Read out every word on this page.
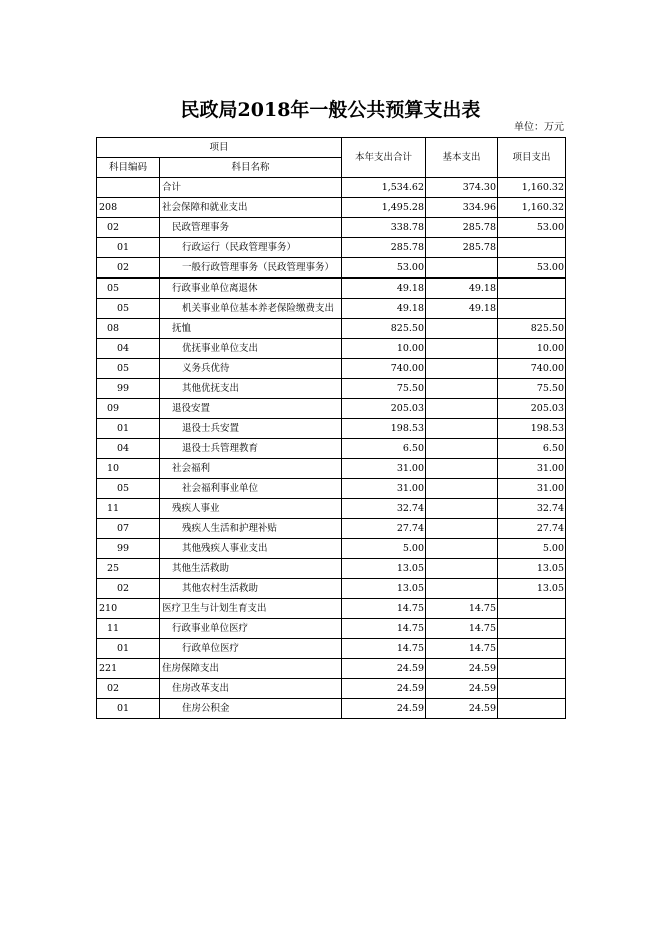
民政局2018年一般公共预算支出表
单位：万元
项目		本年支出合计	基本支出	项目支出
科目编码	科目名称			
	合计	1,534.62	374.30	1,160.32
208	社会保障和就业支出	1,495.28	334.96	1,160.32
02	民政管理事务	338.78	285.78	53.00
01	行政运行（民政管理事务）	285.78	285.78	
02	一般行政管理事务（民政管理事务）	53.00		53.00
05	行政事业单位离退休	49.18	49.18	
05	机关事业单位基本养老保险缴费支出	49.18	49.18	
08	抚恤	825.50		825.50
04	优抚事业单位支出	10.00		10.00
05	义务兵优待	740.00		740.00
99	其他优抚支出	75.50		75.50
09	退役安置	205.03		205.03
01	退役士兵安置	198.53		198.53
04	退役士兵管理教育	6.50		6.50
10	社会福利	31.00		31.00
05	社会福利事业单位	31.00		31.00
11	残疾人事业	32.74		32.74
07	残疾人生活和护理补贴	27.74		27.74
99	其他残疾人事业支出	5.00		5.00
25	其他生活救助	13.05		13.05
02	其他农村生活救助	13.05		13.05
210	医疗卫生与计划生育支出	14.75	14.75	
11	行政事业单位医疗	14.75	14.75	
01	行政单位医疗	14.75	14.75	
221	住房保障支出	24.59	24.59	
02	住房改革支出	24.59	24.59	
01	住房公积金	24.59	24.59	
